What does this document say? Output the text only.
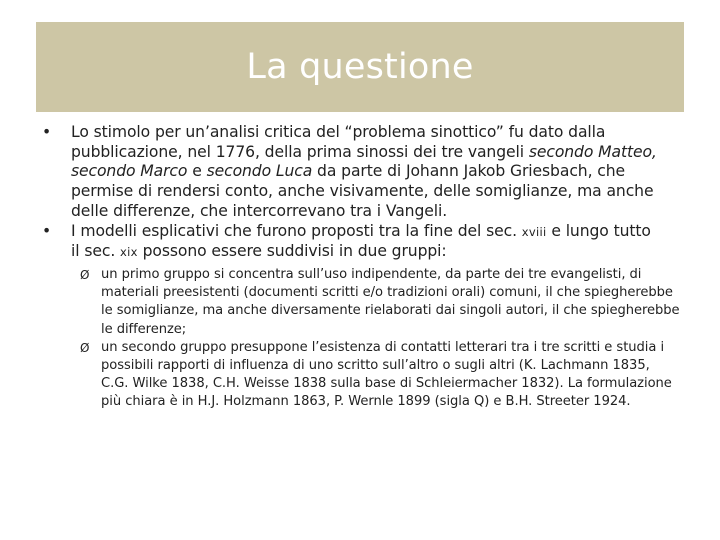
La questione
•	Lo stimolo per un’analisi critica del “problema sinottico” fu dato dalla pubblicazione, nel 1776, della prima sinossi dei tre vangeli secondo Matteo, secondo Marco e secondo Luca da parte di Johann Jakob Griesbach, che permise di rendersi conto, anche visivamente, delle somiglianze, ma anche delle differenze, che intercorrevano tra i Vangeli.
•	I modelli esplicativi che furono proposti tra la fine del sec. xviii e lungo tutto il sec. xix possono essere suddivisi in due gruppi:
Ø un primo gruppo si concentra sull’uso indipendente, da parte dei tre evangelisti, di materiali preesistenti (documenti scritti e/o tradizioni orali) comuni, il che spiegherebbe le somiglianze, ma anche diversamente rielaborati dai singoli autori, il che spiegherebbe le differenze;
Ø un secondo gruppo presuppone l’esistenza di contatti letterari tra i tre scritti e studia i possibili rapporti di influenza di uno scritto sull’altro o sugli altri (K. Lachmann 1835, C.G. Wilke 1838, C.H. Weisse 1838 sulla base di Schleiermacher 1832). La formulazione più chiara è in H.J. Holzmann 1863, P. Wernle 1899 (sigla Q) e B.H. Streeter 1924.
